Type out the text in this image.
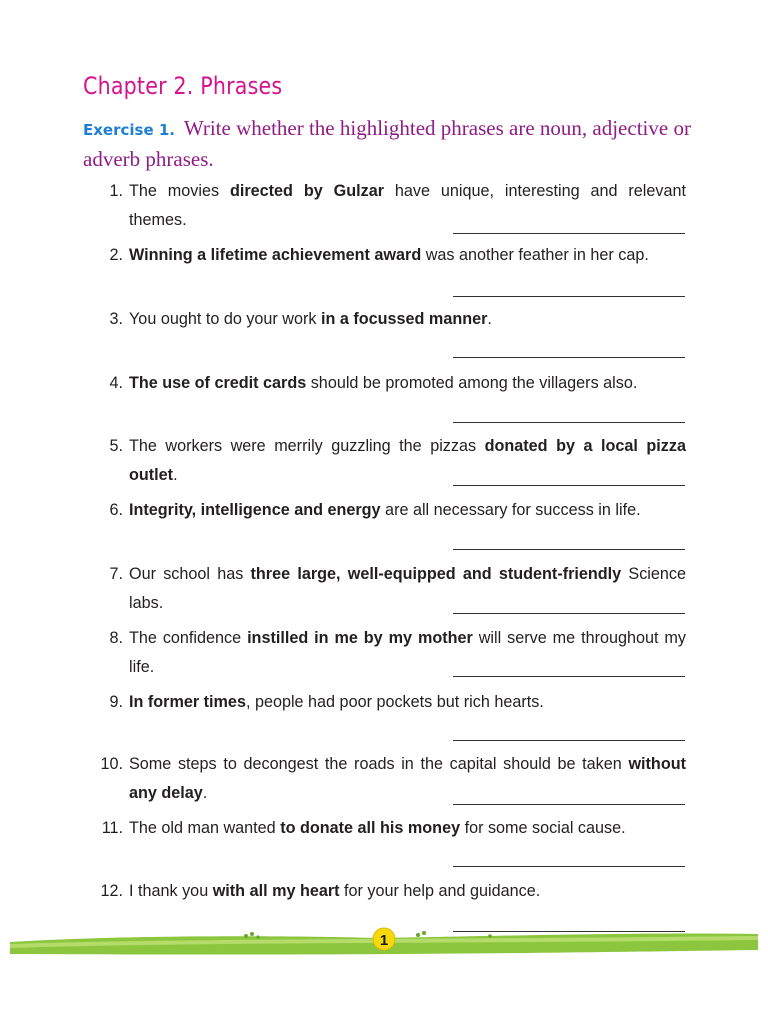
Chapter 2. Phrases

Exercise 1. Write whether the highlighted phrases are noun, adjective or adverb phrases.

1. The movies directed by Gulzar have unique, interesting and relevant themes.
2. Winning a lifetime achievement award was another feather in her cap.
3. You ought to do your work in a focussed manner.
4. The use of credit cards should be promoted among the villagers also.
5. The workers were merrily guzzling the pizzas donated by a local pizza outlet.
6. Integrity, intelligence and energy are all necessary for success in life.
7. Our school has three large, well-equipped and student-friendly Science labs.
8. The confidence instilled in me by my mother will serve me throughout my life.
9. In former times, people had poor pockets but rich hearts.
10. Some steps to decongest the roads in the capital should be taken without any delay.
11. The old man wanted to donate all his money for some social cause.
12. I thank you with all my heart for your help and guidance.
1
